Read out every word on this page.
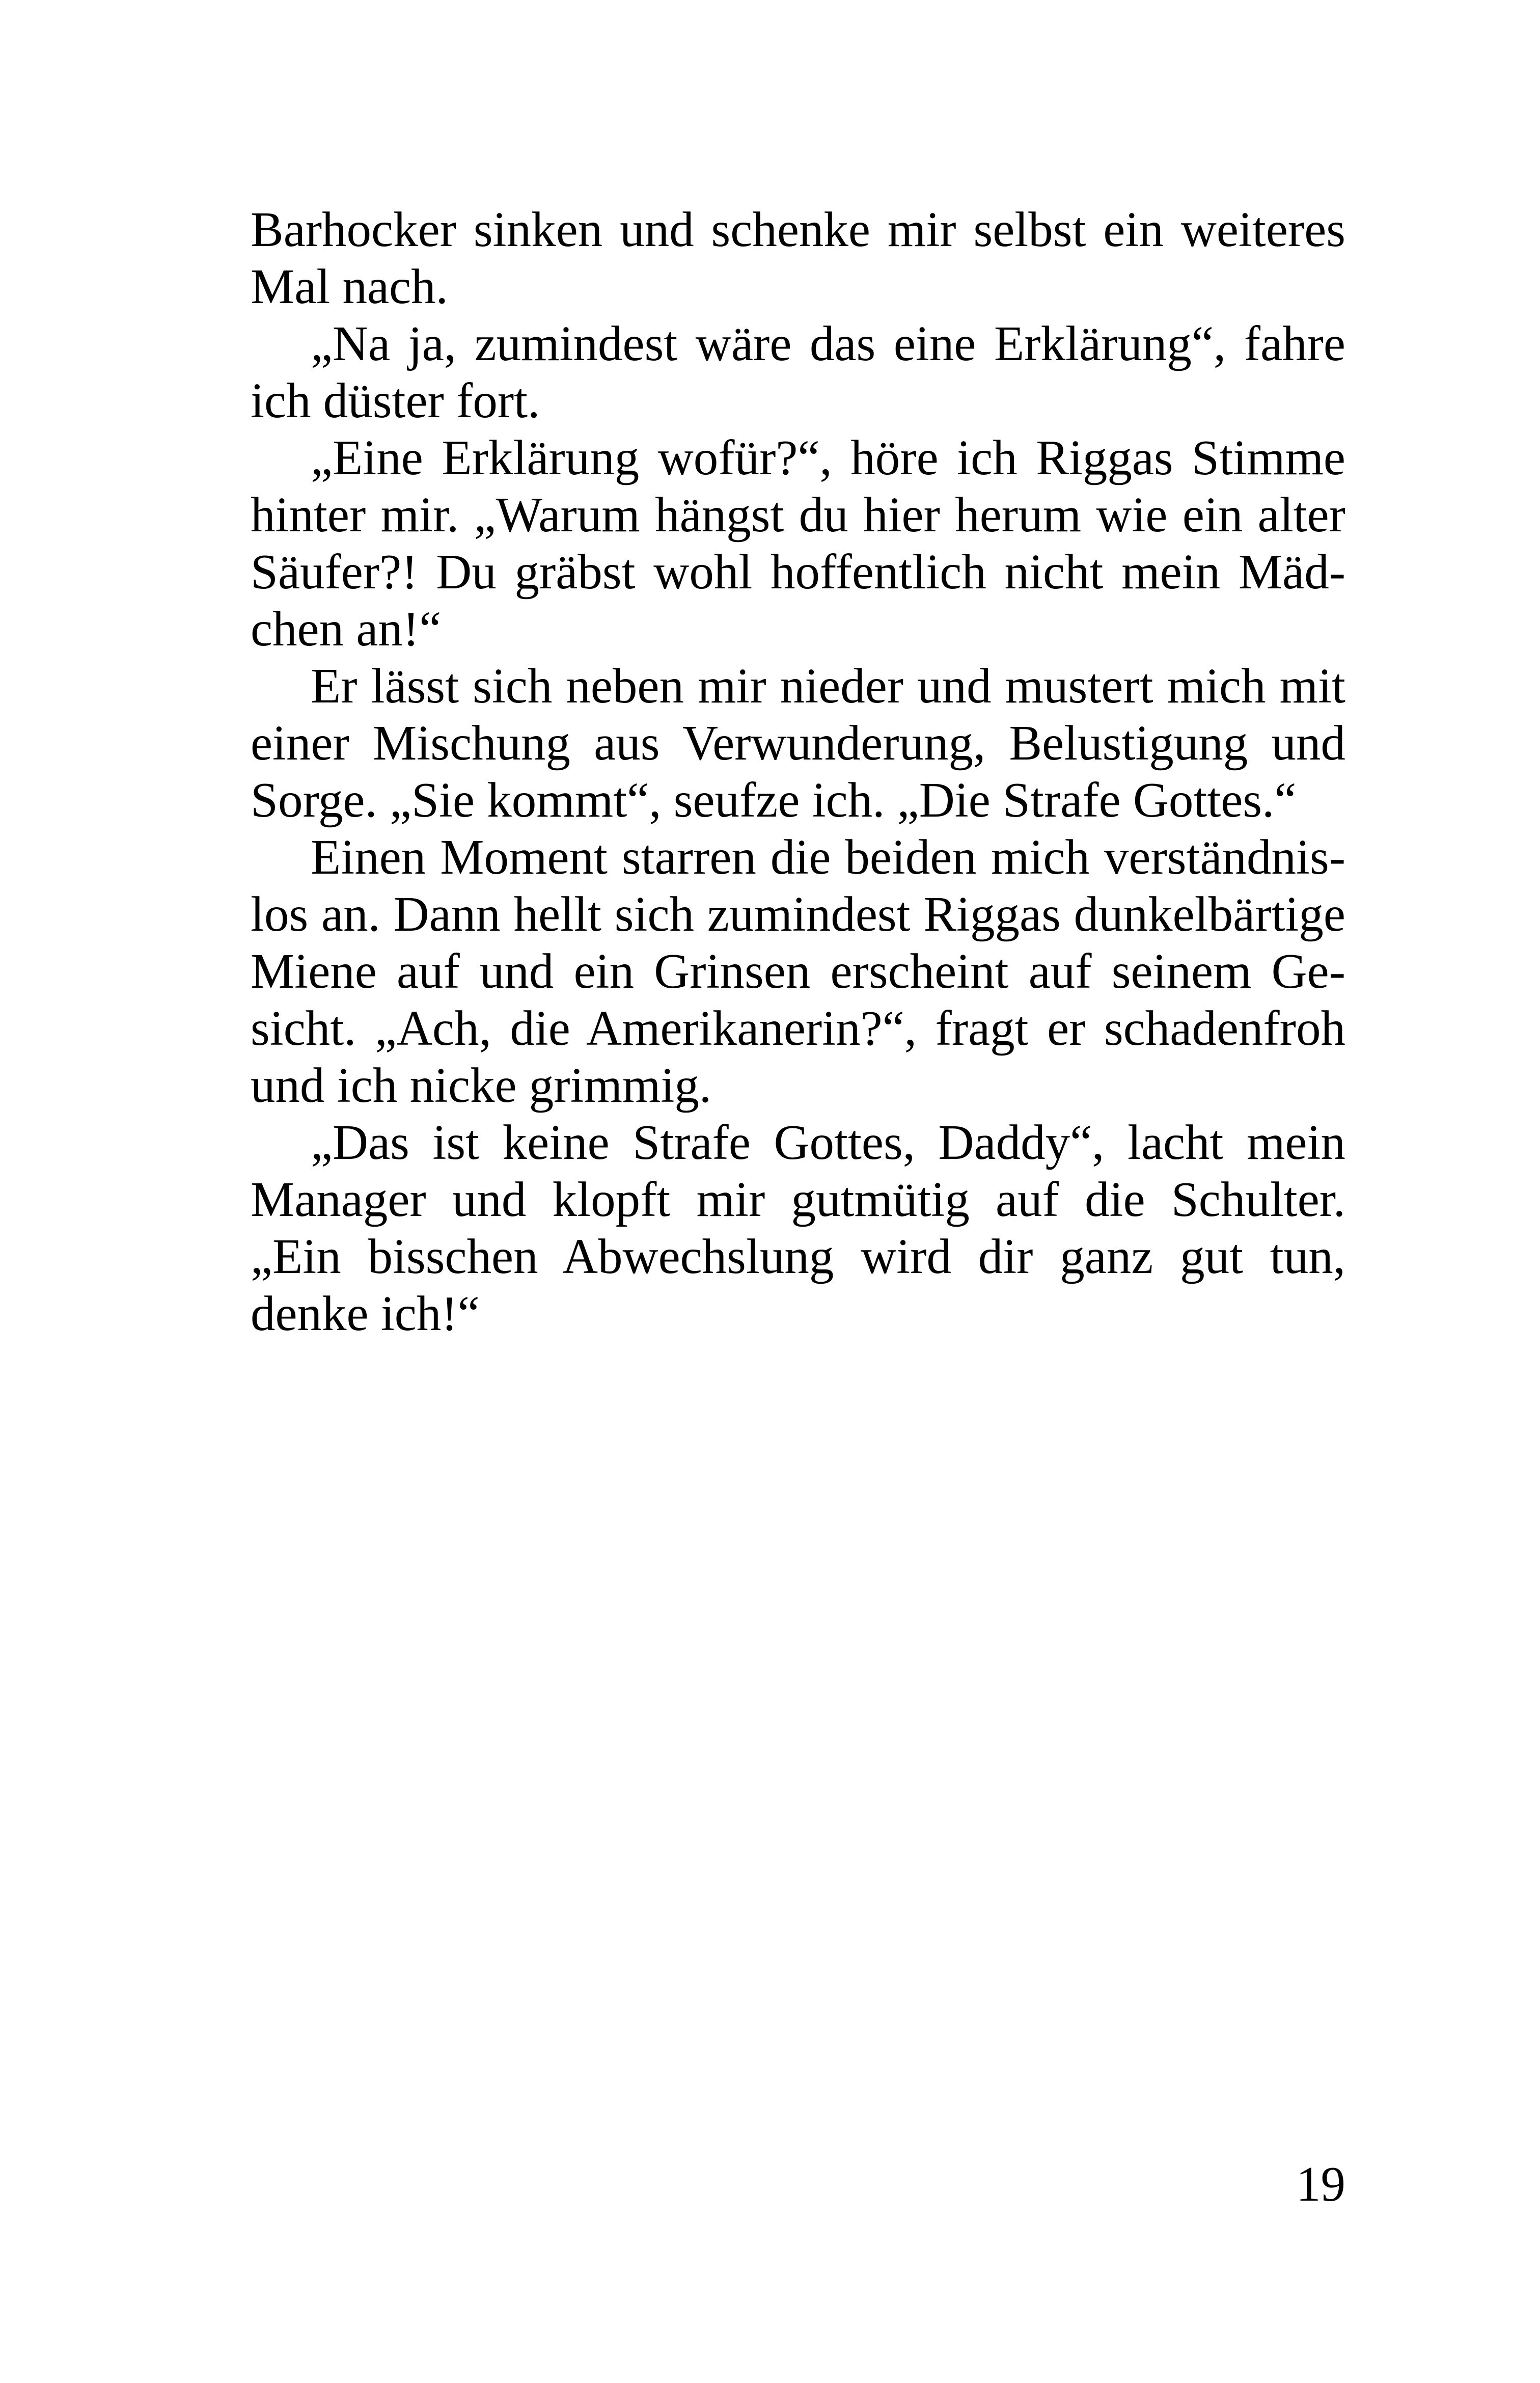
Barhocker sinken und schenke mir selbst ein weiteres
Mal nach.
„Na ja, zumindest wäre das eine Erklärung“, fahre
ich düster fort.
„Eine Erklärung wofür?“, höre ich Riggas Stimme
hinter mir. „Warum hängst du hier herum wie ein alter
Säufer?! Du gräbst wohl hoffentlich nicht mein Mäd-
chen an!“
Er lässt sich neben mir nieder und mustert mich mit
einer Mischung aus Verwunderung, Belustigung und
Sorge. „Sie kommt“, seufze ich. „Die Strafe Gottes.“
Einen Moment starren die beiden mich verständnis-
los an. Dann hellt sich zumindest Riggas dunkelbärtige
Miene auf und ein Grinsen erscheint auf seinem Ge-
sicht. „Ach, die Amerikanerin?“, fragt er schadenfroh
und ich nicke grimmig.
„Das ist keine Strafe Gottes, Daddy“, lacht mein
Manager und klopft mir gutmütig auf die Schulter.
„Ein bisschen Abwechslung wird dir ganz gut tun,
denke ich!“
19
